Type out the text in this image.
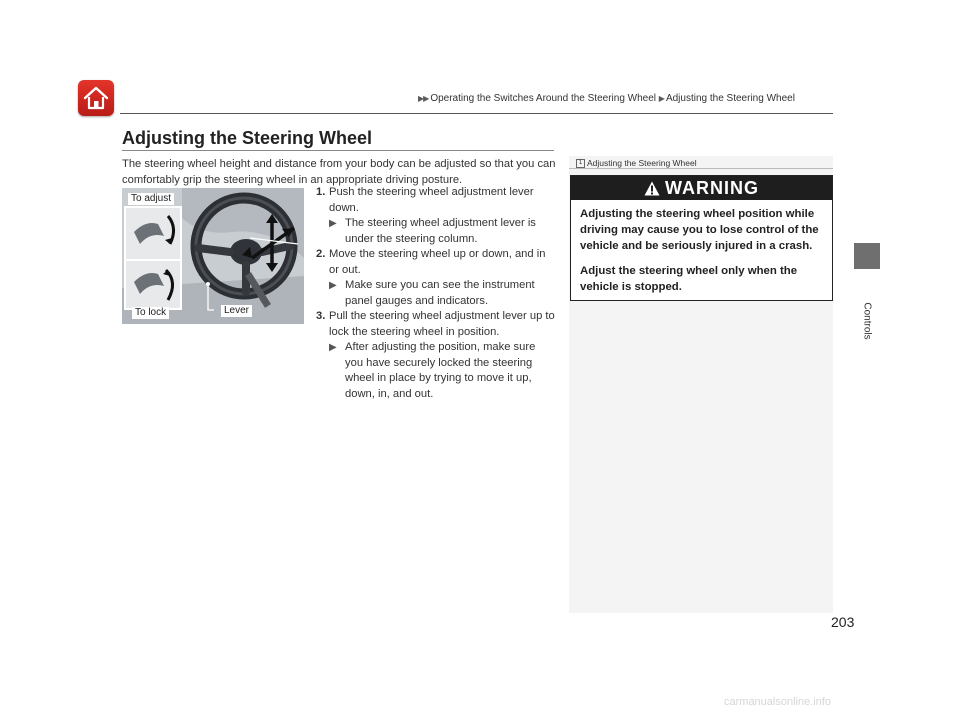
▶▶ Operating the Switches Around the Steering Wheel ▶ Adjusting the Steering Wheel
Controls
Adjusting the Steering Wheel
The steering wheel height and distance from your body can be adjusted so that you can comfortably grip the steering wheel in an appropriate driving posture.
To adjust
To lock	Lever
1. Push the steering wheel adjustment lever down.
▶ The steering wheel adjustment lever is under the steering column.
2. Move the steering wheel up or down, and in or out.
▶ Make sure you can see the instrument panel gauges and indicators.
3. Pull the steering wheel adjustment lever up to lock the steering wheel in position.
▶ After adjusting the position, make sure you have securely locked the steering wheel in place by trying to move it up, down, in, and out.
1 Adjusting the Steering Wheel
WARNING

Adjusting the steering wheel position while driving may cause you to lose control of the vehicle and be seriously injured in a crash.

Adjust the steering wheel only when the vehicle is stopped.

203
carmanualsonline.info
